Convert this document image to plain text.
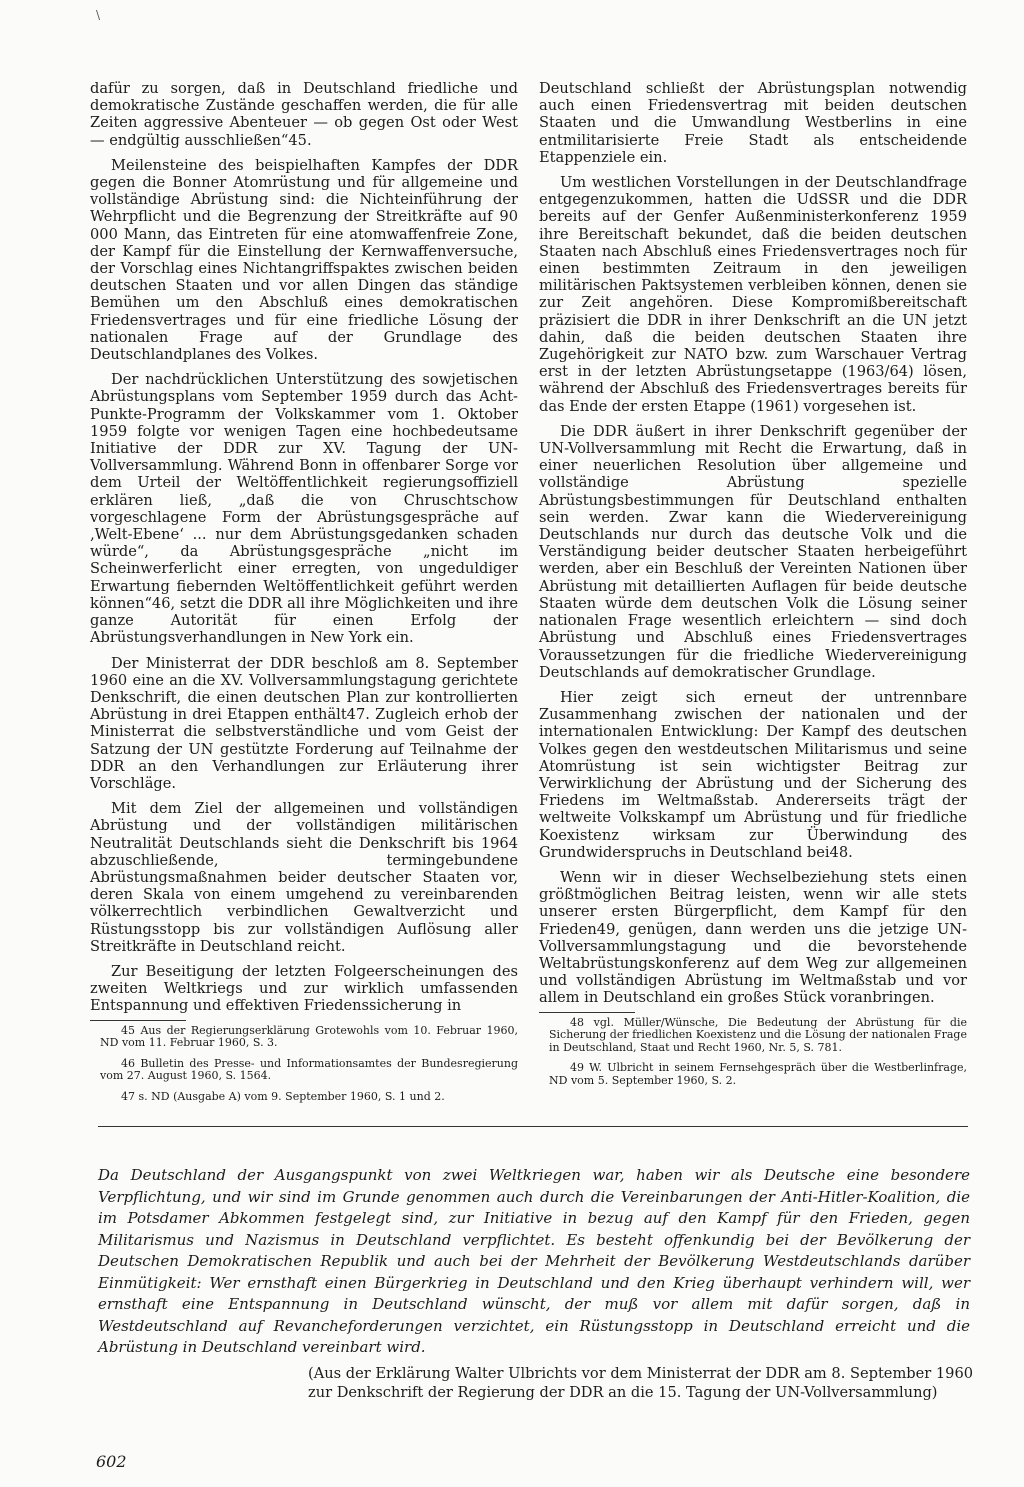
\

dafür zu sorgen, daß in Deutschland friedliche und demokratische Zustände geschaffen werden, die für alle Zeiten aggressive Abenteuer — ob gegen Ost oder West — endgültig ausschließen“45.

Meilensteine des beispielhaften Kampfes der DDR gegen die Bonner Atomrüstung und für allgemeine und vollständige Abrüstung sind: die Nichteinführung der Wehrpflicht und die Begrenzung der Streitkräfte auf 90 000 Mann, das Eintreten für eine atomwaffenfreie Zone, der Kampf für die Einstellung der Kernwaffenversuche, der Vorschlag eines Nichtangriffspaktes zwischen beiden deutschen Staaten und vor allen Dingen das ständige Bemühen um den Abschluß eines demokratischen Friedensvertrages und für eine friedliche Lösung der nationalen Frage auf der Grundlage des Deutschlandplanes des Volkes.

Der nachdrücklichen Unterstützung des sowjetischen Abrüstungsplans vom September 1959 durch das Acht-Punkte-Programm der Volkskammer vom 1. Oktober 1959 folgte vor wenigen Tagen eine hochbedeutsame Initiative der DDR zur XV. Tagung der UN-Vollversammlung. Während Bonn in offenbarer Sorge vor dem Urteil der Weltöffentlichkeit regierungsoffiziell erklären ließ, „daß die von Chruschtschow vorgeschlagene Form der Abrüstungsgespräche auf ‚Welt-Ebene‘ ... nur dem Abrüstungsgedanken schaden würde“, da Abrüstungsgespräche „nicht im Scheinwerferlicht einer erregten, von ungeduldiger Erwartung fiebernden Weltöffentlichkeit geführt werden können“46, setzt die DDR all ihre Möglichkeiten und ihre ganze Autorität für einen Erfolg der Abrüstungsverhandlungen in New York ein.

Der Ministerrat der DDR beschloß am 8. September 1960 eine an die XV. Vollversammlungstagung gerichtete Denkschrift, die einen deutschen Plan zur kontrollierten Abrüstung in drei Etappen enthält47. Zugleich erhob der Ministerrat die selbstverständliche und vom Geist der Satzung der UN gestützte Forderung auf Teilnahme der DDR an den Verhandlungen zur Erläuterung ihrer Vorschläge.

Mit dem Ziel der allgemeinen und vollständigen Abrüstung und der vollständigen militärischen Neutralität Deutschlands sieht die Denkschrift bis 1964 abzuschließende, termingebundene Abrüstungsmaßnahmen beider deutscher Staaten vor, deren Skala von einem umgehend zu vereinbarenden völkerrechtlich verbindlichen Gewaltverzicht und Rüstungsstopp bis zur vollständigen Auflösung aller Streitkräfte in Deutschland reicht.

Zur Beseitigung der letzten Folgeerscheinungen des zweiten Weltkriegs und zur wirklich umfassenden Entspannung und effektiven Friedenssicherung in

45 Aus der Regierungserklärung Grotewohls vom 10. Februar 1960, ND vom 11. Februar 1960, S. 3.

46 Bulletin des Presse- und Informationsamtes der Bundesregierung vom 27. August 1960, S. 1564.

47 s. ND (Ausgabe A) vom 9. September 1960, S. 1 und 2.

Deutschland schließt der Abrüstungsplan notwendig auch einen Friedensvertrag mit beiden deutschen Staaten und die Umwandlung Westberlins in eine entmilitarisierte Freie Stadt als entscheidende Etappenziele ein.

Um westlichen Vorstellungen in der Deutschlandfrage entgegenzukommen, hatten die UdSSR und die DDR bereits auf der Genfer Außenministerkonferenz 1959 ihre Bereitschaft bekundet, daß die beiden deutschen Staaten nach Abschluß eines Friedensvertrages noch für einen bestimmten Zeitraum in den jeweiligen militärischen Paktsystemen verbleiben können, denen sie zur Zeit angehören. Diese Kompromißbereitschaft präzisiert die DDR in ihrer Denkschrift an die UN jetzt dahin, daß die beiden deutschen Staaten ihre Zugehörigkeit zur NATO bzw. zum Warschauer Vertrag erst in der letzten Abrüstungsetappe (1963/64) lösen, während der Abschluß des Friedensvertrages bereits für das Ende der ersten Etappe (1961) vorgesehen ist.

Die DDR äußert in ihrer Denkschrift gegenüber der UN-Vollversammlung mit Recht die Erwartung, daß in einer neuerlichen Resolution über allgemeine und vollständige Abrüstung spezielle Abrüstungsbestimmungen für Deutschland enthalten sein werden. Zwar kann die Wiedervereinigung Deutschlands nur durch das deutsche Volk und die Verständigung beider deutscher Staaten herbeigeführt werden, aber ein Beschluß der Vereinten Nationen über Abrüstung mit detaillierten Auflagen für beide deutsche Staaten würde dem deutschen Volk die Lösung seiner nationalen Frage wesentlich erleichtern — sind doch Abrüstung und Abschluß eines Friedensvertrages Voraussetzungen für die friedliche Wiedervereinigung Deutschlands auf demokratischer Grundlage.

Hier zeigt sich erneut der untrennbare Zusammenhang zwischen der nationalen und der internationalen Entwicklung: Der Kampf des deutschen Volkes gegen den westdeutschen Militarismus und seine Atomrüstung ist sein wichtigster Beitrag zur Verwirklichung der Abrüstung und der Sicherung des Friedens im Weltmaßstab. Andererseits trägt der weltweite Volkskampf um Abrüstung und für friedliche Koexistenz wirksam zur Überwindung des Grundwiderspruchs in Deutschland bei48.

Wenn wir in dieser Wechselbeziehung stets einen größtmöglichen Beitrag leisten, wenn wir alle stets unserer ersten Bürgerpflicht, dem Kampf für den Frieden49, genügen, dann werden uns die jetzige UN-Vollversammlungstagung und die bevorstehende Weltabrüstungskonferenz auf dem Weg zur allgemeinen und vollständigen Abrüstung im Weltmaßstab und vor allem in Deutschland ein großes Stück voranbringen.

48 vgl. Müller/Wünsche, Die Bedeutung der Abrüstung für die Sicherung der friedlichen Koexistenz und die Lösung der nationalen Frage in Deutschland, Staat und Recht 1960, Nr. 5, S. 781.

49 W. Ulbricht in seinem Fernsehgespräch über die Westberlinfrage, ND vom 5. September 1960, S. 2.

Da Deutschland der Ausgangspunkt von zwei Weltkriegen war, haben wir als Deutsche eine besondere Verpflichtung, und wir sind im Grunde genommen auch durch die Vereinbarungen der Anti-Hitler-Koalition, die im Potsdamer Abkommen festgelegt sind, zur Initiative in bezug auf den Kampf für den Frieden, gegen Militarismus und Nazismus in Deutschland verpflichtet. Es besteht offenkundig bei der Bevölkerung der Deutschen Demokratischen Republik und auch bei der Mehrheit der Bevölkerung Westdeutschlands darüber Einmütigkeit: Wer ernsthaft einen Bürgerkrieg in Deutschland und den Krieg überhaupt verhindern will, wer ernsthaft eine Entspannung in Deutschland wünscht, der muß vor allem mit dafür sorgen, daß in Westdeutschland auf Revancheforderungen verzichtet, ein Rüstungsstopp in Deutschland erreicht und die Abrüstung in Deutschland vereinbart wird.
(Aus der Erklärung Walter Ulbrichts vor dem Ministerrat der DDR am 8. September 1960
zur Denkschrift der Regierung der DDR an die 15. Tagung der UN-Vollversammlung)
602
